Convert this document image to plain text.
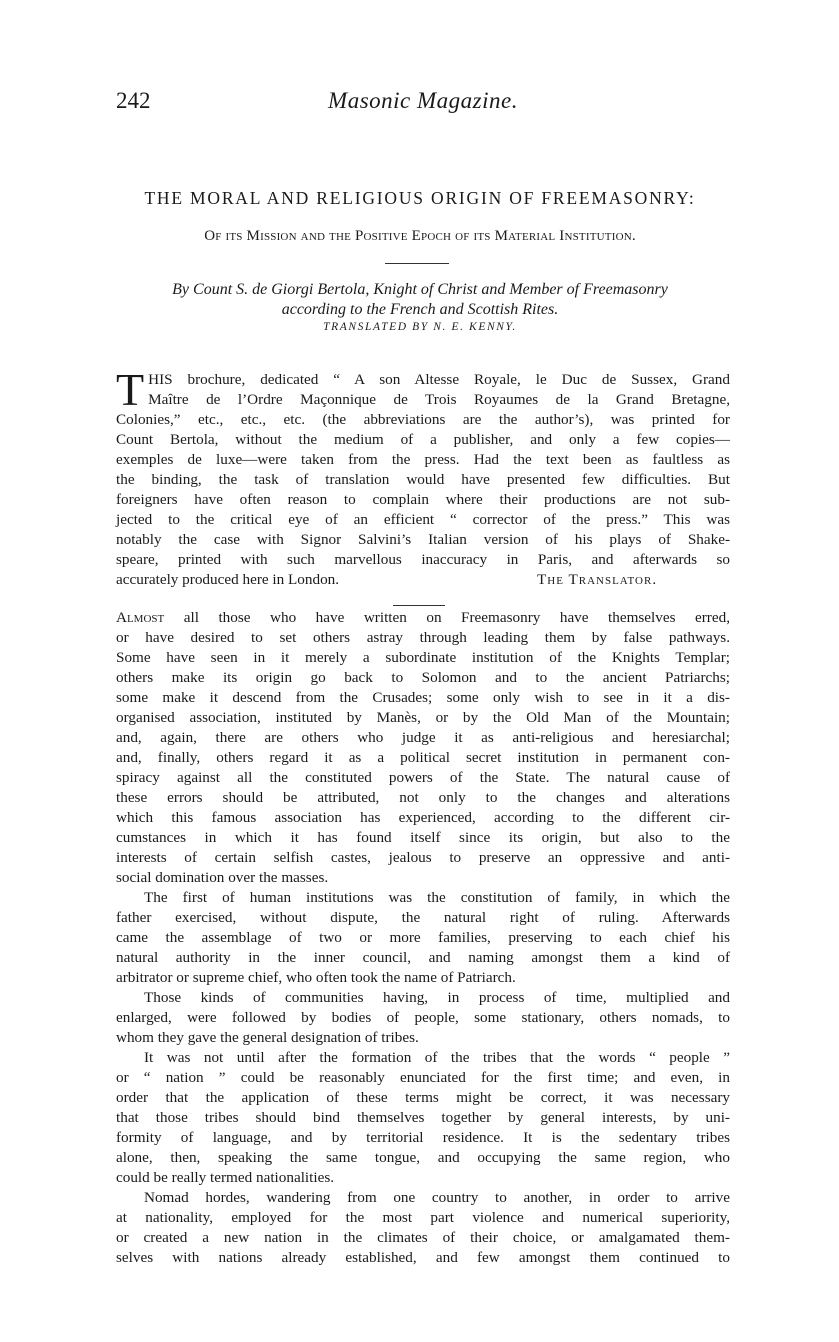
242	Masonic Magazine.
THE MORAL AND RELIGIOUS ORIGIN OF FREEMASONRY:
Of its Mission and the Positive Epoch of its Material Institution.
By Count S. de Giorgi Bertola, Knight of Christ and Member of Freemasonry
according to the French and Scottish Rites.
TRANSLATED BY N. E. KENNY.
T HIS brochure, dedicated “ A son Altesse Royale, le Duc de Sussex, Grand
Maître de l’Ordre Maçonnique de Trois Royaumes de la Grand Bretagne,
Colonies,” etc., etc., etc. (the abbreviations are the author’s), was printed for
Count Bertola, without the medium of a publisher, and only a few copies—
exemples de luxe—were taken from the press. Had the text been as faultless as
the binding, the task of translation would have presented few difficulties. But
foreigners have often reason to complain where their productions are not sub-
jected to the critical eye of an efficient “ corrector of the press.” This was
notably the case with Signor Salvini’s Italian version of his plays of Shake-
speare, printed with such marvellous inaccuracy in Paris, and afterwards so
accurately produced here in London.	The Translator.
Almost all those who have written on Freemasonry have themselves erred,
or have desired to set others astray through leading them by false pathways.
Some have seen in it merely a subordinate institution of the Knights Templar;
others make its origin go back to Solomon and to the ancient Patriarchs;
some make it descend from the Crusades; some only wish to see in it a dis-
organised association, instituted by Manès, or by the Old Man of the Mountain;
and, again, there are others who judge it as anti-religious and heresiarchal;
and, finally, others regard it as a political secret institution in permanent con-
spiracy against all the constituted powers of the State. The natural cause of
these errors should be attributed, not only to the changes and alterations
which this famous association has experienced, according to the different cir-
cumstances in which it has found itself since its origin, but also to the
interests of certain selfish castes, jealous to preserve an oppressive and anti-
social domination over the masses.
The first of human institutions was the constitution of family, in which the
father exercised, without dispute, the natural right of ruling. Afterwards
came the assemblage of two or more families, preserving to each chief his
natural authority in the inner council, and naming amongst them a kind of
arbitrator or supreme chief, who often took the name of Patriarch.
Those kinds of communities having, in process of time, multiplied and
enlarged, were followed by bodies of people, some stationary, others nomads, to
whom they gave the general designation of tribes.
It was not until after the formation of the tribes that the words “ people ”
or “ nation ” could be reasonably enunciated for the first time; and even, in
order that the application of these terms might be correct, it was necessary
that those tribes should bind themselves together by general interests, by uni-
formity of language, and by territorial residence. It is the sedentary tribes
alone, then, speaking the same tongue, and occupying the same region, who
could be really termed nationalities.
Nomad hordes, wandering from one country to another, in order to arrive
at nationality, employed for the most part violence and numerical superiority,
or created a new nation in the climates of their choice, or amalgamated them-
selves with nations already established, and few amongst them continued to
